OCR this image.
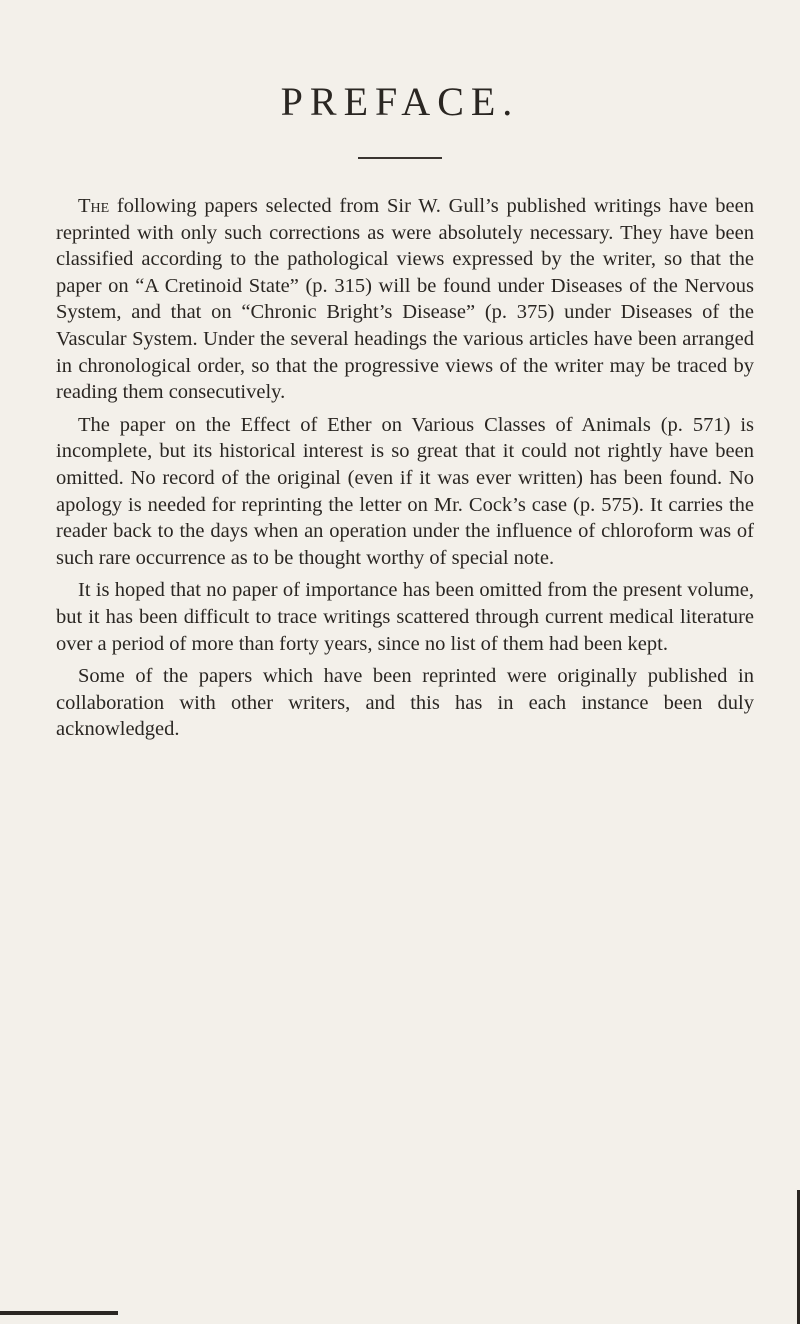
PREFACE.

The following papers selected from Sir W. Gull’s published writings have been reprinted with only such corrections as were absolutely necessary. They have been classified according to the pathological views expressed by the writer, so that the paper on “A Cretinoid State” (p. 315) will be found under Diseases of the Nervous System, and that on “Chronic Bright’s Disease” (p. 375) under Diseases of the Vascular System. Under the several headings the various articles have been arranged in chronological order, so that the progressive views of the writer may be traced by reading them consecutively.

The paper on the Effect of Ether on Various Classes of Animals (p. 571) is incomplete, but its historical interest is so great that it could not rightly have been omitted. No record of the original (even if it was ever written) has been found. No apology is needed for reprinting the letter on Mr. Cock’s case (p. 575). It carries the reader back to the days when an operation under the influence of chloroform was of such rare occurrence as to be thought worthy of special note.

It is hoped that no paper of importance has been omitted from the present volume, but it has been difficult to trace writings scattered through current medical literature over a period of more than forty years, since no list of them had been kept.

Some of the papers which have been reprinted were originally published in collaboration with other writers, and this has in each instance been duly acknowledged.
